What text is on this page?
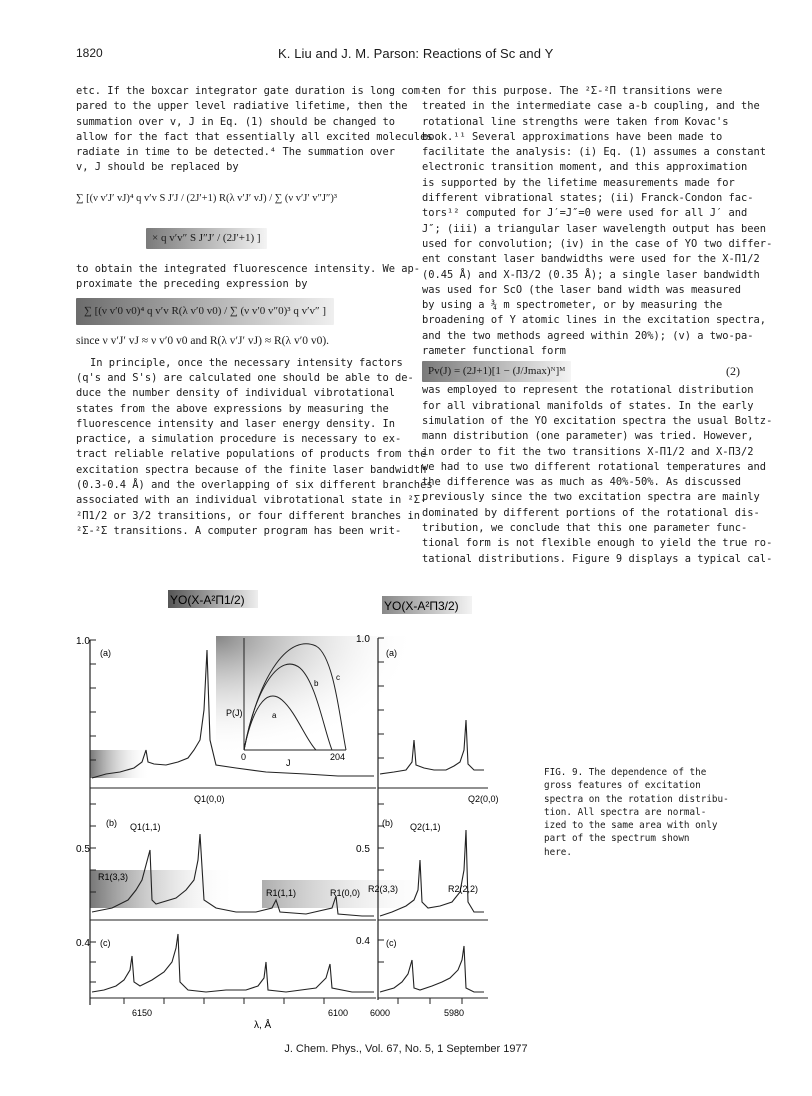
1820	K. Liu and J. M. Parson: Reactions of Sc and Y

etc. If the boxcar integrator gate duration is long com-

pared to the upper level radiative lifetime, then the

summation over v, J in Eq. (1) should be changed to

allow for the fact that essentially all excited molecules

radiate in time to be detected.⁴ The summation over

v, J should be replaced by

∑ [(ν v′J′ vJ)⁴ q v′v S J′J / (2J′+1) R(λ v′J′ vJ) / ∑ (ν v′J′ v″J″)³
× q v′v″ S J″J′ / (2J′+1) ]

to obtain the integrated fluorescence intensity. We ap-

proximate the preceding expression by

∑ [(ν v′0 v0)⁴ q v′v R(λ v′0 v0) / ∑ (ν v′0 v″0)³ q v′v″ ]

since ν v′J′ vJ ≈ ν v′0 v0 and R(λ v′J′ vJ) ≈ R(λ v′0 v0).

In principle, once the necessary intensity factors

(q's and S's) are calculated one should be able to de-

duce the number density of individual vibrotational

states from the above expressions by measuring the

fluorescence intensity and laser energy density. In

practice, a simulation procedure is necessary to ex-

tract reliable relative populations of products from the

excitation spectra because of the finite laser bandwidth

(0.3-0.4 Å) and the overlapping of six different branches

associated with an individual vibrotational state in ²Σ-

²Π1/2 or 3/2 transitions, or four different branches in

²Σ-²Σ transitions. A computer program has been writ-

ten for this purpose. The ²Σ-²Π transitions were

treated in the intermediate case a-b coupling, and the

rotational line strengths were taken from Kovac's

book.¹¹ Several approximations have been made to

facilitate the analysis: (i) Eq. (1) assumes a constant

electronic transition moment, and this approximation

is supported by the lifetime measurements made for

different vibrational states; (ii) Franck-Condon fac-

tors¹² computed for J′=J″=0 were used for all J′ and

J″; (iii) a triangular laser wavelength output has been

used for convolution; (iv) in the case of YO two differ-

ent constant laser bandwidths were used for the X-Π1/2

(0.45 Å) and X-Π3/2 (0.35 Å); a single laser bandwidth

was used for ScO (the laser band width was measured

by using a ¾ m spectrometer, or by measuring the

broadening of Y atomic lines in the excitation spectra,

and the two methods agreed within 20%); (v) a two-pa-

rameter functional form

Pv(J) = (2J+1)[1 − (J/Jmax)ᴺ]ᴹ	(2)

was employed to represent the rotational distribution

for all vibrational manifolds of states. In the early

simulation of the YO excitation spectra the usual Boltz-

mann distribution (one parameter) was tried. However,

in order to fit the two transitions X-Π1/2 and X-Π3/2

we had to use two different rotational temperatures and

the difference was as much as 40%-50%. As discussed

previously since the two excitation spectra are mainly

dominated by different portions of the rotational dis-

tribution, we conclude that this one parameter func-

tional form is not flexible enough to yield the true ro-

tational distributions. Figure 9 displays a typical cal-

YO(X-A²Π1/2)	YO(X-A²Π3/2)
1.0
0.5
0.4
1.0
0.5
0.4
(a)	(a)
(b)	(b)
(c)	(c)
P(J)
J
0	204
a
b
c
Q1(0,0)	Q2(0,0)
Q1(1,1)	Q2(1,1)
R1(3,3)
R1(1,1)	R1(0,0) R2(3,3)	R2(2,2)
6150	6100 6000	5980
λ, Å

FIG. 9. The dependence of the

gross features of excitation

spectra on the rotation distribu-

tion. All spectra are normal-

ized to the same area with only

part of the spectrum shown

here.

J. Chem. Phys., Vol. 67, No. 5, 1 September 1977
